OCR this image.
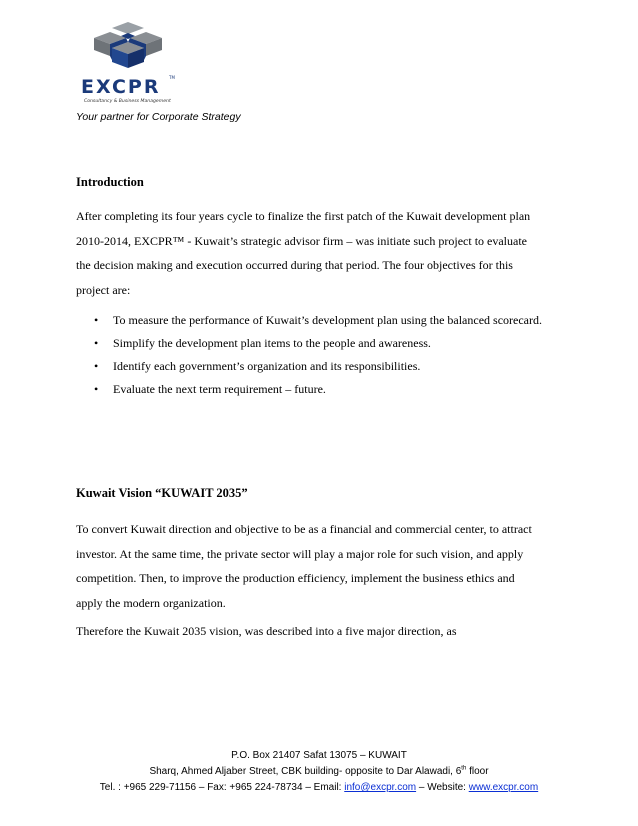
EXCPR TM
Consultancy & Business Management
Your partner for Corporate Strategy
Introduction
After completing its four years cycle to finalize the first patch of the Kuwait development plan
2010-2014, EXCPR™ - Kuwait’s strategic advisor firm – was initiate such project to evaluate
the decision making and execution occurred during that period. The four objectives for this
project are:
• To measure the performance of Kuwait’s development plan using the balanced scorecard.
• Simplify the development plan items to the people and awareness.
• Identify each government’s organization and its responsibilities.
• Evaluate the next term requirement – future.
Kuwait Vision “KUWAIT 2035”
To convert Kuwait direction and objective to be as a financial and commercial center, to attract
investor. At the same time, the private sector will play a major role for such vision, and apply
competition. Then, to improve the production efficiency, implement the business ethics and
apply the modern organization.
Therefore the Kuwait 2035 vision, was described into a five major direction, as
P.O. Box 21407 Safat 13075 – KUWAIT
Sharq, Ahmed Aljaber Street, CBK building- opposite to Dar Alawadi, 6th floor
Tel. : +965 229-71156 – Fax: +965 224-78734 – Email: info@excpr.com – Website: www.excpr.com
